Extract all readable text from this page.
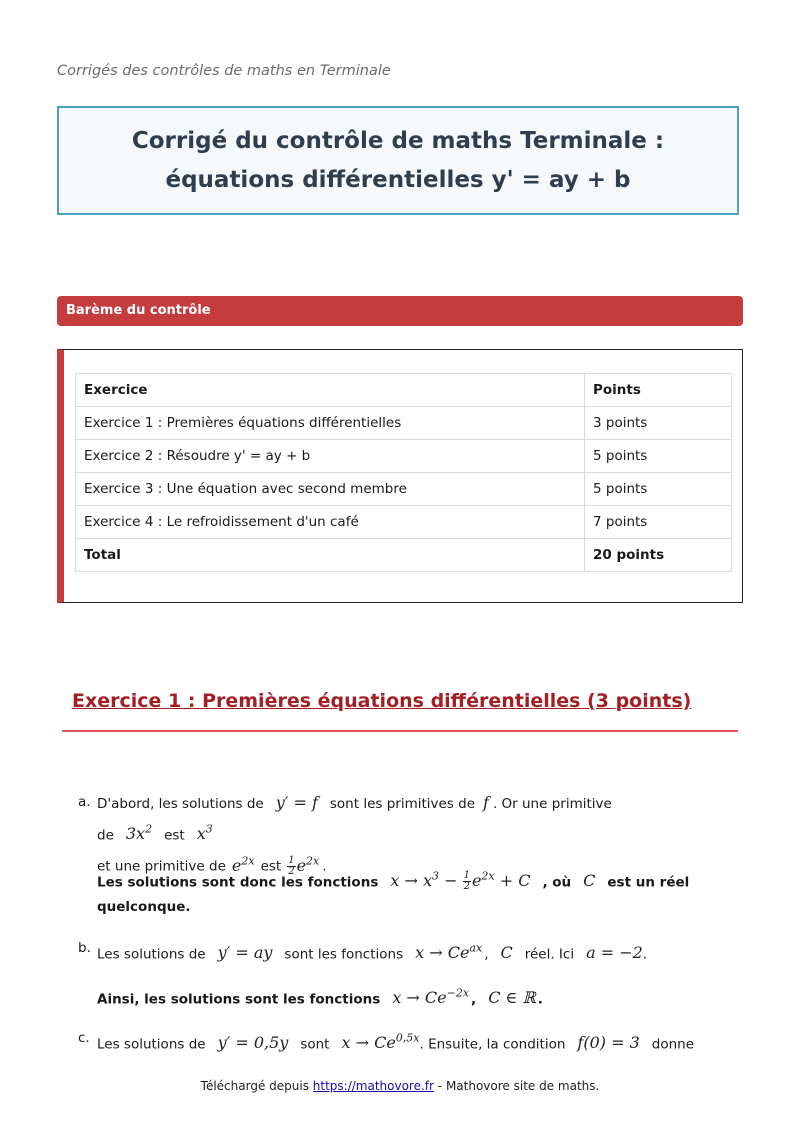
Corrigés des contrôles de maths en Terminale
Corrigé du contrôle de maths Terminale : équations différentielles y' = ay + b
Barème du contrôle
Exercice	Points
Exercice 1 : Premières équations différentielles	3 points
Exercice 2 : Résoudre y' = ay + b	5 points
Exercice 3 : Une équation avec second membre	5 points
Exercice 4 : Le refroidissement d'un café	7 points
Total	20 points
Exercice 1 : Premières équations différentielles (3 points)
a. D'abord, les solutions de y′ = f sont les primitives de f . Or une primitive de $3x^2$ est $x^3$
et une primitive de $e^{2x}$ est $\frac{1}{2} e^{2x}$ .
Les solutions sont donc les fonctions $x \to x^3 - \frac{1}{2} e^{2x} + C$ , où C est un réel quelconque.
b. Les solutions de y′ = ay sont les fonctions $x \to Ce^{ax}$ , C réel. Ici a = −2.
Ainsi, les solutions sont les fonctions $x \to Ce^{-2x}$ , C ∈ ℝ .
c. Les solutions de y′ = 0,5y sont $x \to Ce^{0,5x}$. Ensuite, la condition f(0) = 3 donne
Téléchargé depuis https://mathovore.fr - Mathovore site de maths.
